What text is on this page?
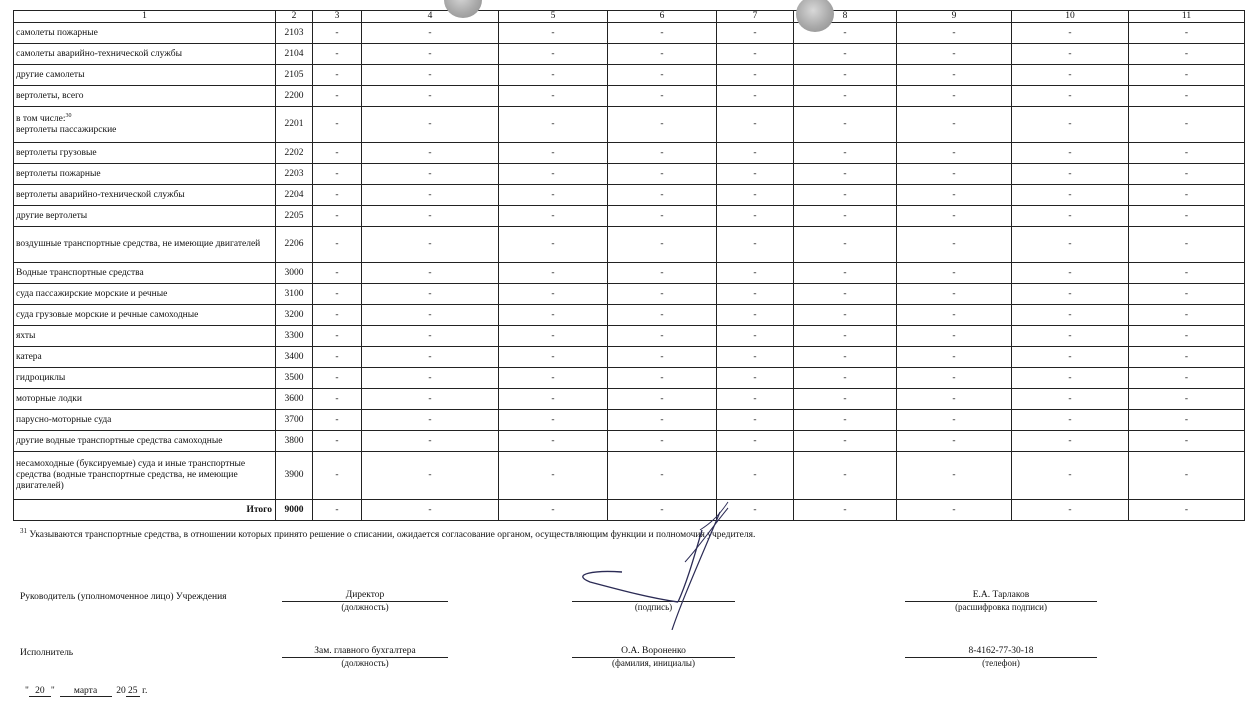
1	2	3	4	5	6	7	8	9	10	11
самолеты пожарные	2103	-	-	-	-	-	-	-	-	-
самолеты аварийно-технической службы	2104	-	-	-	-	-	-	-	-	-
другие самолеты	2105	-	-	-	-	-	-	-	-	-
вертолеты, всего	2200	-	-	-	-	-	-	-	-	-
в том числе:$^{30}$
вертолеты пассажирские	2201	-	-	-	-	-	-	-	-	-
вертолеты грузовые	2202	-	-	-	-	-	-	-	-	-
вертолеты пожарные	2203	-	-	-	-	-	-	-	-	-
вертолеты аварийно-технической службы	2204	-	-	-	-	-	-	-	-	-
другие вертолеты	2205	-	-	-	-	-	-	-	-	-
воздушные транспортные средства, не имеющие двигателей	2206	-	-	-	-	-	-	-	-	-
Водные транспортные средства	3000	-	-	-	-	-	-	-	-	-
суда пассажирские морские и речные	3100	-	-	-	-	-	-	-	-	-
суда грузовые морские и речные самоходные	3200	-	-	-	-	-	-	-	-	-
яхты	3300	-	-	-	-	-	-	-	-	-
катера	3400	-	-	-	-	-	-	-	-	-
гидроциклы	3500	-	-	-	-	-	-	-	-	-
моторные лодки	3600	-	-	-	-	-	-	-	-	-
парусно-моторные суда	3700	-	-	-	-	-	-	-	-	-
другие водные транспортные средства самоходные	3800	-	-	-	-	-	-	-	-	-
несамоходные (буксируемые) суда и иные транспортные средства (водные транспортные средства, не имеющие двигателей)	3900	-	-	-	-	-	-	-	-	-
Итого	9000	-	-	-	-	-	-	-	-	-
$^{31}$ Указываются транспортные средства, в отношении которых принято решение о списании, ожидается согласование органом, осуществляющим функции и полномочия учредителя.
Руководитель (уполномоченное лицо) Учреждения	Директор
(должность)	(подпись)
Е.А. Тарлаков
(расшифровка подписи)
Исполнитель	Зам. главного бухгалтера
(должность)
О.А. Вороненко
(фамилия, инициалы)
8-4162-77-30-18
(телефон)
" 20 "  марта 20 25 г.
